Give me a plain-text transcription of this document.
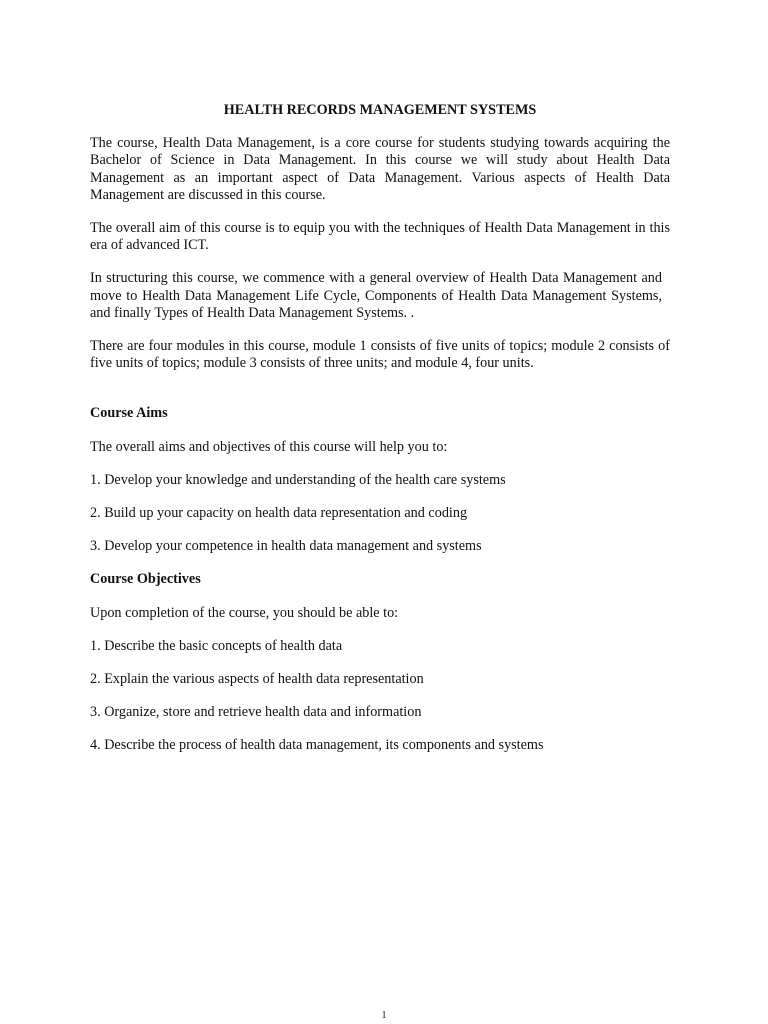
HEALTH RECORDS MANAGEMENT SYSTEMS

The course, Health Data Management, is a core course for students studying towards acquiring the Bachelor of Science in Data Management. In this course we will study about Health Data Management as an important aspect of Data Management. Various aspects of Health Data Management are discussed in this course.

The overall aim of this course is to equip you with the techniques of Health Data Management in this era of advanced ICT.

In structuring this course, we commence with a general overview of Health Data Management and move to Health Data Management Life Cycle, Components of Health Data Management Systems, and finally Types of Health Data Management Systems. .

There are four modules in this course, module 1 consists of five units of topics; module 2 consists of five units of topics; module 3 consists of three units; and module 4, four units.

Course Aims

The overall aims and objectives of this course will help you to:

1. Develop your knowledge and understanding of the health care systems

2. Build up your capacity on health data representation and coding

3. Develop your competence in health data management and systems

Course Objectives

Upon completion of the course, you should be able to:

1. Describe the basic concepts of health data

2. Explain the various aspects of health data representation

3. Organize, store and retrieve health data and information

4. Describe the process of health data management, its components and systems

1
